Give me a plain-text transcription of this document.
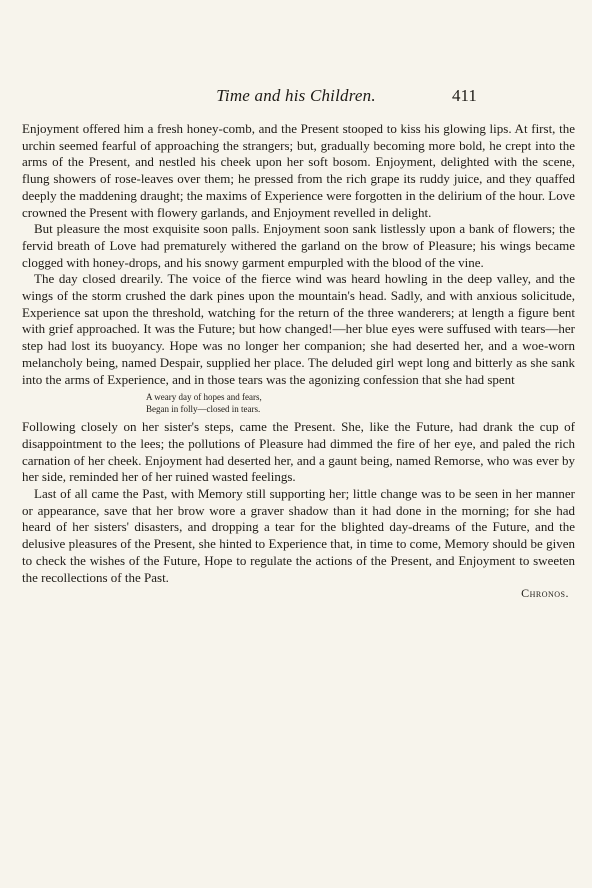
Time and his Children.	411

Enjoyment offered him a fresh honey-comb, and the Present stooped to kiss his glowing lips. At first, the urchin seemed fearful of approaching the strangers; but, gradually becoming more bold, he crept into the arms of the Present, and nestled his cheek upon her soft bosom. Enjoyment, delighted with the scene, flung showers of rose-leaves over them; he pressed from the rich grape its ruddy juice, and they quaffed deeply the maddening draught; the maxims of Experience were forgotten in the delirium of the hour. Love crowned the Present with flowery garlands, and Enjoyment revelled in delight.

But pleasure the most exquisite soon palls. Enjoyment soon sank listlessly upon a bank of flowers; the fervid breath of Love had prematurely withered the garland on the brow of Pleasure; his wings became clogged with honey-drops, and his snowy garment empurpled with the blood of the vine.

The day closed drearily. The voice of the fierce wind was heard howling in the deep valley, and the wings of the storm crushed the dark pines upon the mountain's head. Sadly, and with anxious solicitude, Experience sat upon the threshold, watching for the return of the three wanderers; at length a figure bent with grief approached. It was the Future; but how changed!—her blue eyes were suffused with tears—her step had lost its buoyancy. Hope was no longer her companion; she had deserted her, and a woe-worn melancholy being, named Despair, supplied her place. The deluded girl wept long and bitterly as she sank into the arms of Experience, and in those tears was the agonizing confession that she had spent

A weary day of hopes and fears,
Began in folly—closed in tears.

Following closely on her sister's steps, came the Present. She, like the Future, had drank the cup of disappointment to the lees; the pollutions of Pleasure had dimmed the fire of her eye, and paled the rich carnation of her cheek. Enjoyment had deserted her, and a gaunt being, named Remorse, who was ever by her side, reminded her of her ruined wasted feelings.

Last of all came the Past, with Memory still supporting her; little change was to be seen in her manner or appearance, save that her brow wore a graver shadow than it had done in the morning; for she had heard of her sisters' disasters, and dropping a tear for the blighted day-dreams of the Future, and the delusive pleasures of the Present, she hinted to Experience that, in time to come, Memory should be given to check the wishes of the Future, Hope to regulate the actions of the Present, and Enjoyment to sweeten the recollections of the Past.

Chronos.
